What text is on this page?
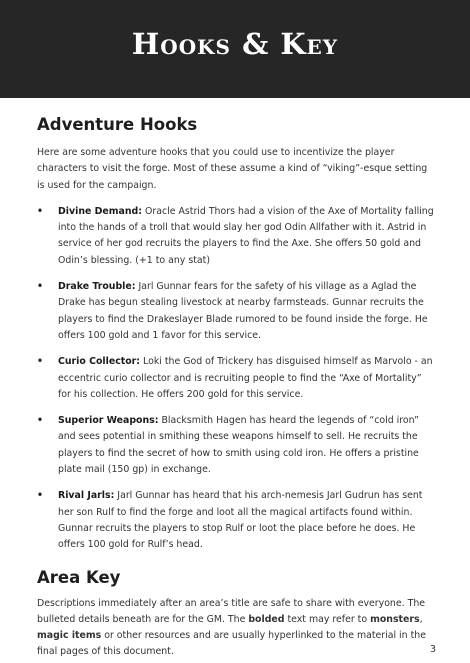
Hooks & Key
Adventure Hooks

Here are some adventure hooks that you could use to incentivize the player characters to visit the forge. Most of these assume a kind of “viking”-esque setting is used for the campaign.

• Divine Demand: Oracle Astrid Thors had a vision of the Axe of Mortality falling into the hands of a troll that would slay her god Odin Allfather with it. Astrid in service of her god recruits the players to find the Axe. She offers 50 gold and Odin’s blessing. (+1 to any stat)
• Drake Trouble: Jarl Gunnar fears for the safety of his village as a Aglad the Drake has begun stealing livestock at nearby farmsteads. Gunnar recruits the players to find the Drakeslayer Blade rumored to be found inside the forge. He offers 100 gold and 1 favor for this service.
• Curio Collector: Loki the God of Trickery has disguised himself as Marvolo - an eccentric curio collector and is recruiting people to find the “Axe of Mortality” for his collection. He offers 200 gold for this service.
• Superior Weapons: Blacksmith Hagen has heard the legends of “cold iron” and sees potential in smithing these weapons himself to sell. He recruits the players to find the secret of how to smith using cold iron. He offers a pristine plate mail (150 gp) in exchange.
• Rival Jarls: Jarl Gunnar has heard that his arch-nemesis Jarl Gudrun has sent her son Rulf to find the forge and loot all the magical artifacts found within. Gunnar recruits the players to stop Rulf or loot the place before he does. He offers 100 gold for Rulf’s head.
Area Key

Descriptions immediately after an area’s title are safe to share with everyone. The bulleted details beneath are for the GM. The bolded text may refer to monsters, magic items or other resources and are usually hyperlinked to the material in the final pages of this document.	3
